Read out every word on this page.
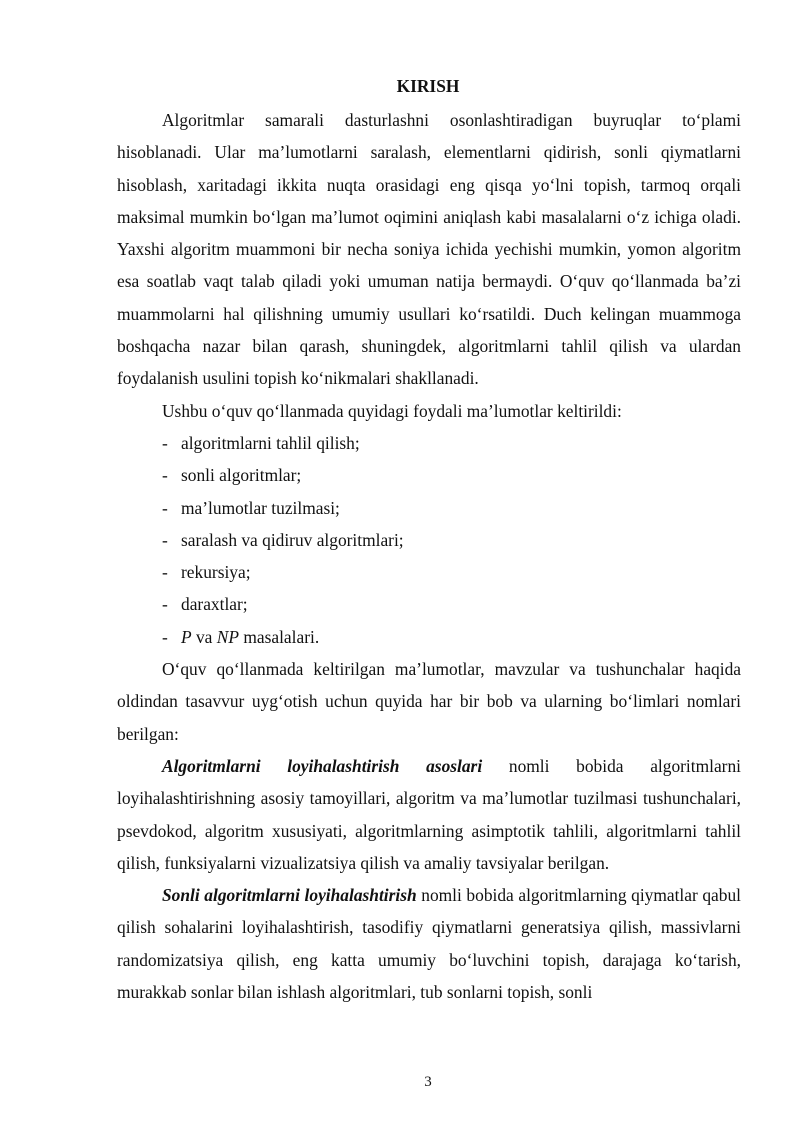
KIRISH

Algoritmlar samarali dasturlashni osonlashtiradigan buyruqlar to‘plami hisoblanadi. Ular ma’lumotlarni saralash, elementlarni qidirish, sonli qiymatlarni hisoblash, xaritadagi ikkita nuqta orasidagi eng qisqa yo‘lni topish, tarmoq orqali maksimal mumkin bo‘lgan ma’lumot oqimini aniqlash kabi masalalarni o‘z ichiga oladi. Yaxshi algoritm muammoni bir necha soniya ichida yechishi mumkin, yomon algoritm esa soatlab vaqt talab qiladi yoki umuman natija bermaydi. O‘quv qo‘llanmada ba’zi muammolarni hal qilishning umumiy usullari ko‘rsatildi. Duch kelingan muammoga boshqacha nazar bilan qarash, shuningdek, algoritmlarni tahlil qilish va ulardan foydalanish usulini topish ko‘nikmalari shakllanadi.

Ushbu o‘quv qo‘llanmada quyidagi foydali ma’lumotlar keltirildi:

- algoritmlarni tahlil qilish;
- sonli algoritmlar;
- ma’lumotlar tuzilmasi;
- saralash va qidiruv algoritmlari;
- rekursiya;
- daraxtlar;
- P va NP masalalari.

O‘quv qo‘llanmada keltirilgan ma’lumotlar, mavzular va tushunchalar haqida oldindan tasavvur uyg‘otish uchun quyida har bir bob va ularning bo‘limlari nomlari berilgan:

Algoritmlarni loyihalashtirish asoslari nomli bobida algoritmlarni loyihalashtirishning asosiy tamoyillari, algoritm va ma’lumotlar tuzilmasi tushunchalari, psevdokod, algoritm xususiyati, algoritmlarning asimptotik tahlili, algoritmlarni tahlil qilish, funksiyalarni vizualizatsiya qilish va amaliy tavsiyalar berilgan.

Sonli algoritmlarni loyihalashtirish nomli bobida algoritmlarning qiymatlar qabul qilish sohalarini loyihalashtirish, tasodifiy qiymatlarni generatsiya qilish, massivlarni randomizatsiya qilish, eng katta umumiy bo‘luvchini topish, darajaga ko‘tarish, murakkab sonlar bilan ishlash algoritmlari, tub sonlarni topish, sonli

3
